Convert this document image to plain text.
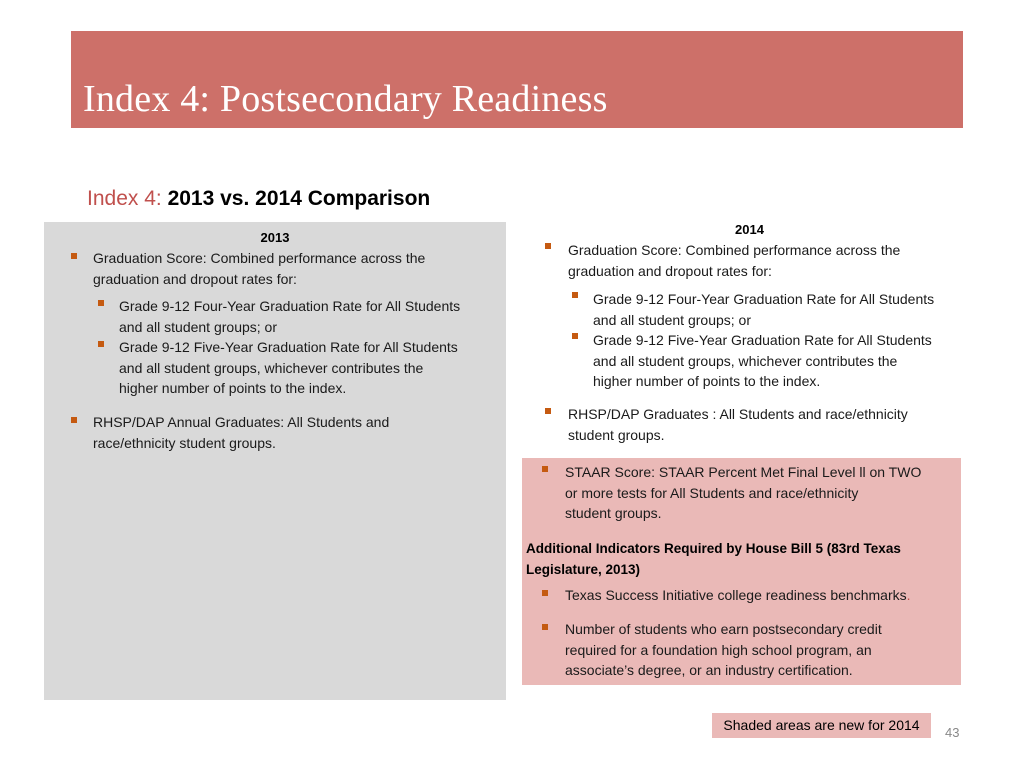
Index 4: Postsecondary Readiness
Index 4: 2013 vs. 2014 Comparison
2013
Graduation Score: Combined performance across the
graduation and dropout rates for:
Grade 9-12 Four-Year Graduation Rate for All Students
and all student groups; or
Grade 9-12 Five-Year Graduation Rate for All Students
and all student groups, whichever contributes the
higher number of points to the index.
RHSP/DAP Annual Graduates: All Students and
race/ethnicity student groups.
2014
Graduation Score: Combined performance across the
graduation and dropout rates for:
Grade 9-12 Four-Year Graduation Rate for All Students
and all student groups; or
Grade 9-12 Five-Year Graduation Rate for All Students
and all student groups, whichever contributes the
higher number of points to the index.
RHSP/DAP Graduates : All Students and race/ethnicity
student groups.
STAAR Score: STAAR Percent Met Final Level ll on TWO
or more tests for All Students and race/ethnicity
student groups.
Additional Indicators Required by House Bill 5 (83rd Texas
Legislature, 2013)
Texas Success Initiative college readiness benchmarks.
Number of students who earn postsecondary credit
required for a foundation high school program, an
associate’s degree, or an industry certification.
Shaded areas are new for 2014	43
